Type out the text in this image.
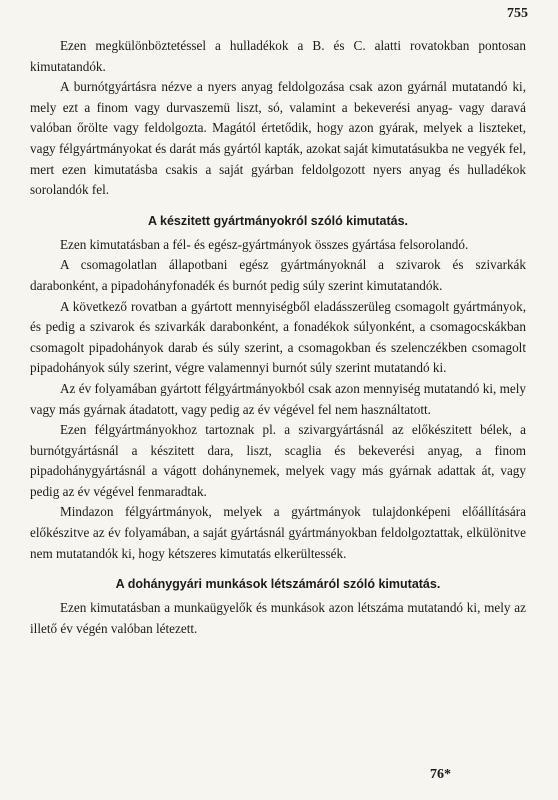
755

Ezen megkülönböztetéssel a hulladékok a B. és C. alatti rovatokban pontosan kimutatandók.

A burnótgyártásra nézve a nyers anyag feldolgozása csak azon gyárnál mutatandó ki, mely ezt a finom vagy durvaszemü liszt, só, valamint a bekeverési anyag- vagy daravá valóban őrölte vagy feldolgozta. Magától értetődik, hogy azon gyárak, melyek a liszteket, vagy félgyártmányokat és darát más gyártól kapták, azokat saját kimutatásukba ne vegyék fel, mert ezen kimutatásba csakis a saját gyárban feldolgozott nyers anyag és hulladékok sorolandók fel.

A készitett gyártmányokról szóló kimutatás.

Ezen kimutatásban a fél- és egész-gyártmányok összes gyártása felsorolandó.

A csomagolatlan állapotbani egész gyártmányoknál a szivarok és szivarkák darabonként, a pipadohányfonadék és burnót pedig súly szerint kimutatandók.

A következő rovatban a gyártott mennyiségből eladásszerüleg csomagolt gyártmányok, és pedig a szivarok és szivarkák darabonként, a fonadékok súlyonként, a csomagocskákban csomagolt pipadohányok darab és súly szerint, a csomagokban és szelenczékben csomagolt pipadohányok súly szerint, végre valamennyi burnót súly szerint mutatandó ki.

Az év folyamában gyártott félgyártmányokból csak azon mennyiség mutatandó ki, mely vagy más gyárnak átadatott, vagy pedig az év végével fel nem használtatott.

Ezen félgyártmányokhoz tartoznak pl. a szivargyártásnál az előkészitett bélek, a burnótgyártásnál a készitett dara, liszt, scaglia és bekeverési anyag, a finom pipadohánygyártásnál a vágott dohánynemek, melyek vagy más gyárnak adattak át, vagy pedig az év végével fenmaradtak.

Mindazon félgyártmányok, melyek a gyártmányok tulajdonképeni előállítására előkészitve az év folyamában, a saját gyártásnál gyártmányokban feldolgoztattak, elkülönitve nem mutatandók ki, hogy kétszeres kimutatás elkerültessék.

A dohánygyári munkások létszámáról szóló kimutatás.

Ezen kimutatásban a munkaügyelők és munkások azon létszáma mutatandó ki, mely az illető év végén valóban létezett.

76*
